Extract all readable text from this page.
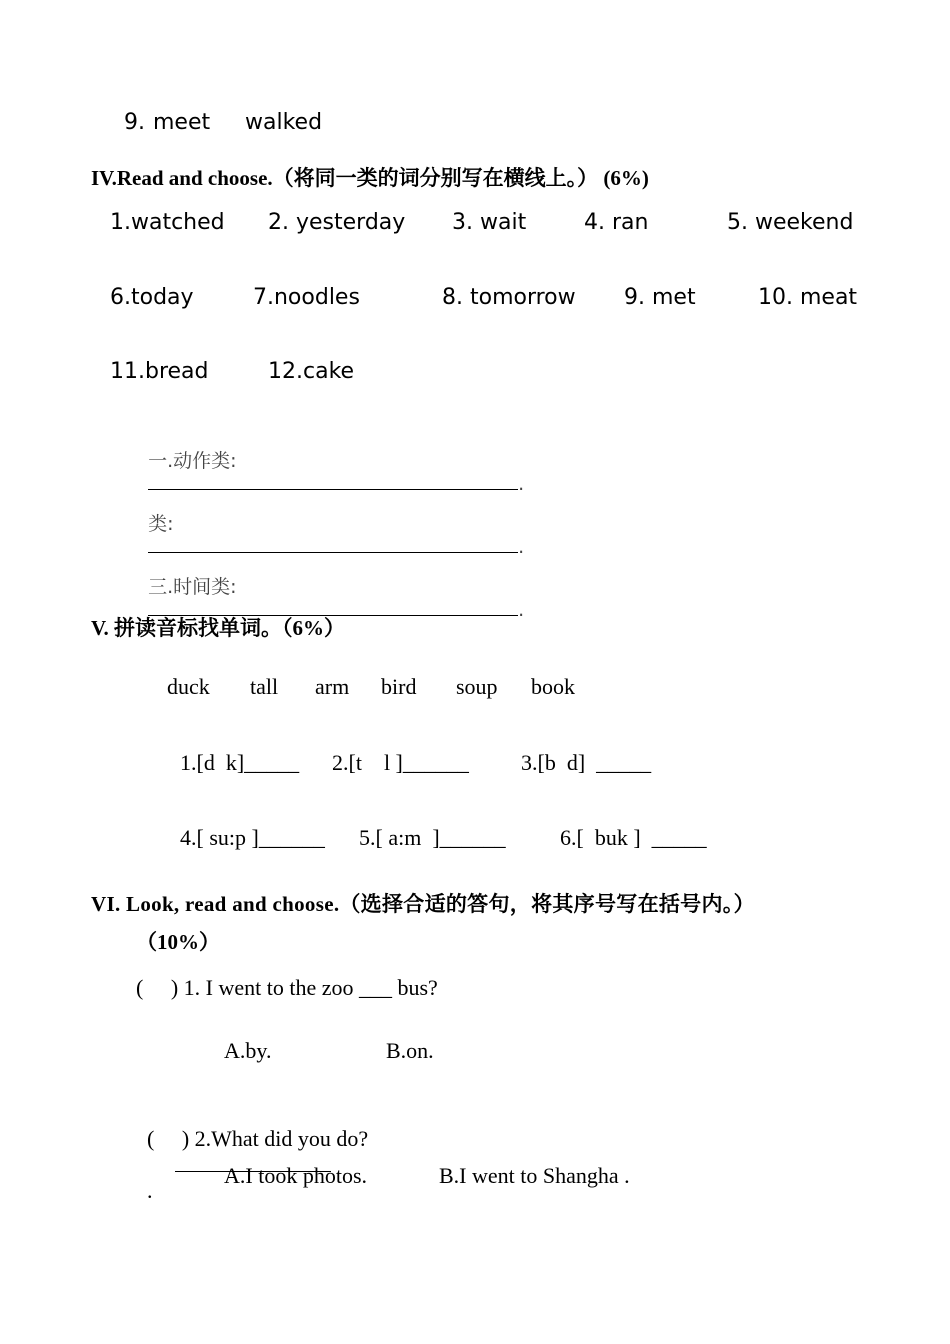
9. meet walked
IV.Read and choose.（将同一类的词分别写在横线上。） (6%)
1.watched 2. yesterday 3. wait	4. ran	5. weekend
6.today	7.noodles	8. tomorrow 9. met	10. meat
11.bread	12.cake

一.动作类:
.

类:
.

三.时间类:
.

V. 拼读音标找单词。（6%）
duck tall arm bird soup book
1.[d  k]_____ 2.[t    l ]______ 3.[b  d]  _____
4.[ su:p ]______ 5.[ a:m  ]______ 6.[  buk ]  _____
VI. Look, read and choose.（选择合适的答句，将其序号写在括号内。）
（10%）
(     ) 1. I went to the zoo ___ bus?
A.by.	B.on.

(     ) 2.What did you do?

.

A.I took photos.	B.I went to Shangha .
